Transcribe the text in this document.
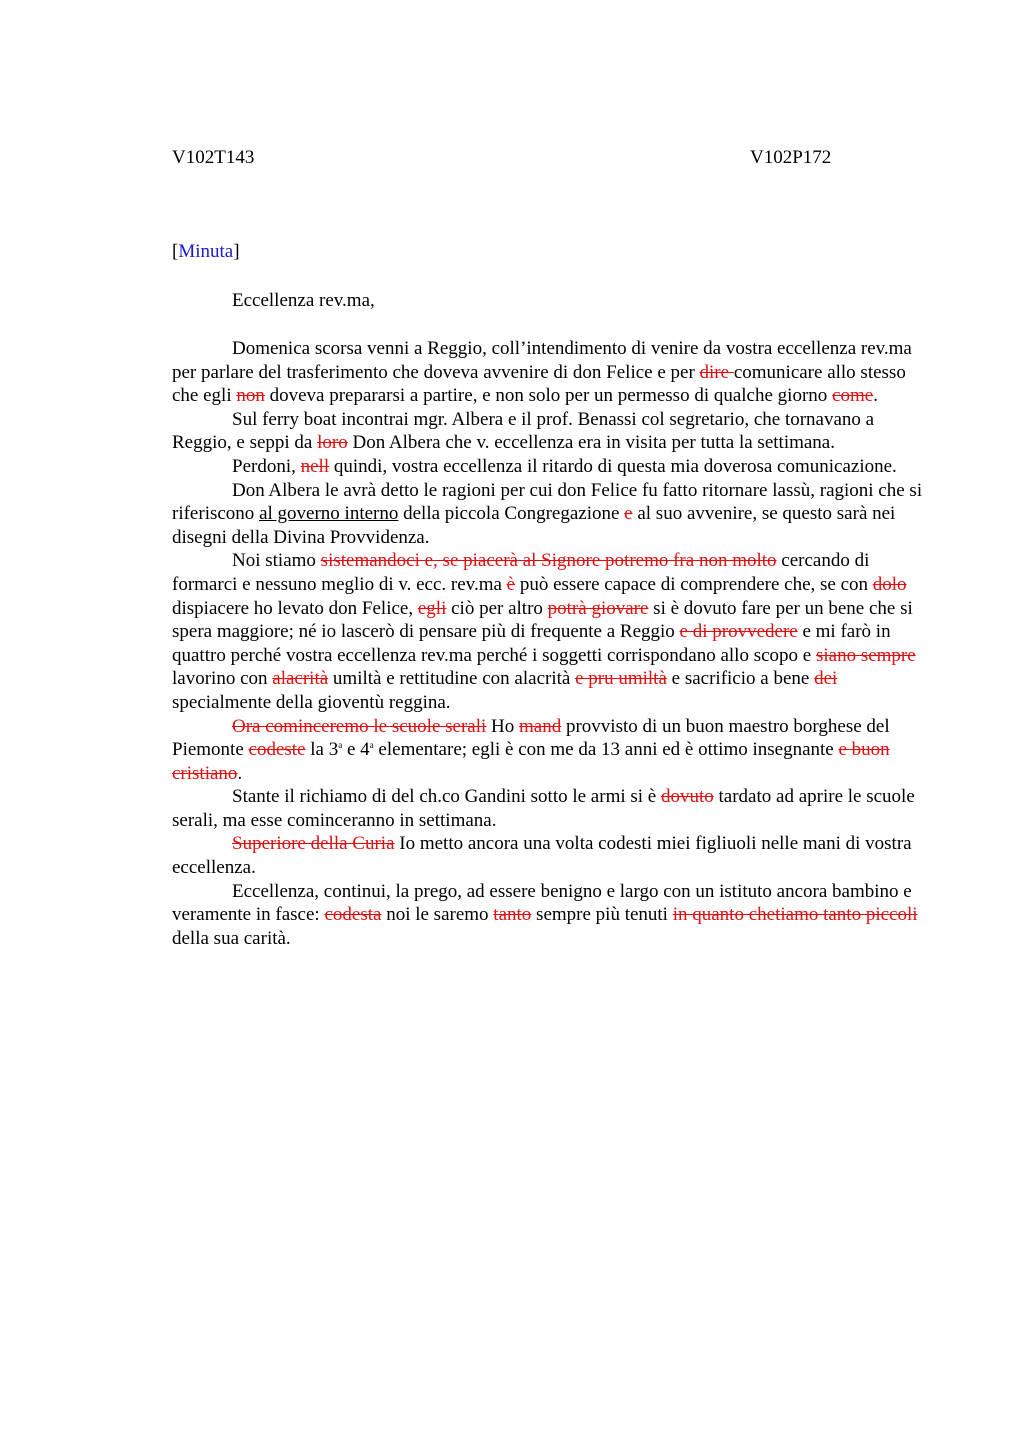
V102T143	V102P172
[Minuta]
Eccellenza rev.ma,

Domenica scorsa venni a Reggio, coll’intendimento di venire da vostra eccellenza rev.ma per parlare del trasferimento che doveva avvenire di don Felice e per dire comunicare allo stesso che egli non doveva prepararsi a partire, e non solo per un permesso di qualche giorno come.

Sul ferry boat incontrai mgr. Albera e il prof. Benassi col segretario, che tornavano a Reggio, e seppi da loro Don Albera che v. eccellenza era in visita per tutta la settimana.

Perdoni, nell quindi, vostra eccellenza il ritardo di questa mia doverosa comunicazione.

Don Albera le avrà detto le ragioni per cui don Felice fu fatto ritornare lassù, ragioni che si riferiscono al governo interno della piccola Congregazione e al suo avvenire, se questo sarà nei disegni della Divina Provvidenza.

Noi stiamo sistemandoci e, se piacerà al Signore potremo fra non molto cercando di formarci e nessuno meglio di v. ecc. rev.ma è può essere capace di comprendere che, se con dolo dispiacere ho levato don Felice, egli ciò per altro potrà giovare si è dovuto fare per un bene che si spera maggiore; né io lascerò di pensare più di frequente a Reggio e di provvedere e mi farò in quattro perché vostra eccellenza rev.ma perché i soggetti corrispondano allo scopo e siano sempre lavorino con alacrità umiltà e rettitudine con alacrità e pru umiltà e sacrificio a bene dei specialmente della gioventù reggina.

Ora cominceremo le scuole serali Ho mand provvisto di un buon maestro borghese del Piemonte codeste la 3$^a$ e 4$^a$ elementare; egli è con me da 13 anni ed è ottimo insegnante e buon cristiano.

Stante il richiamo di del ch.co Gandini sotto le armi si è dovuto tardato ad aprire le scuole serali, ma esse cominceranno in settimana.

Superiore della Curia Io metto ancora una volta codesti miei figliuoli nelle mani di vostra eccellenza.

Eccellenza, continui, la prego, ad essere benigno e largo con un istituto ancora bambino e veramente in fasce: codesta noi le saremo tanto sempre più tenuti in quanto chetiamo tanto piccoli della sua carità.
